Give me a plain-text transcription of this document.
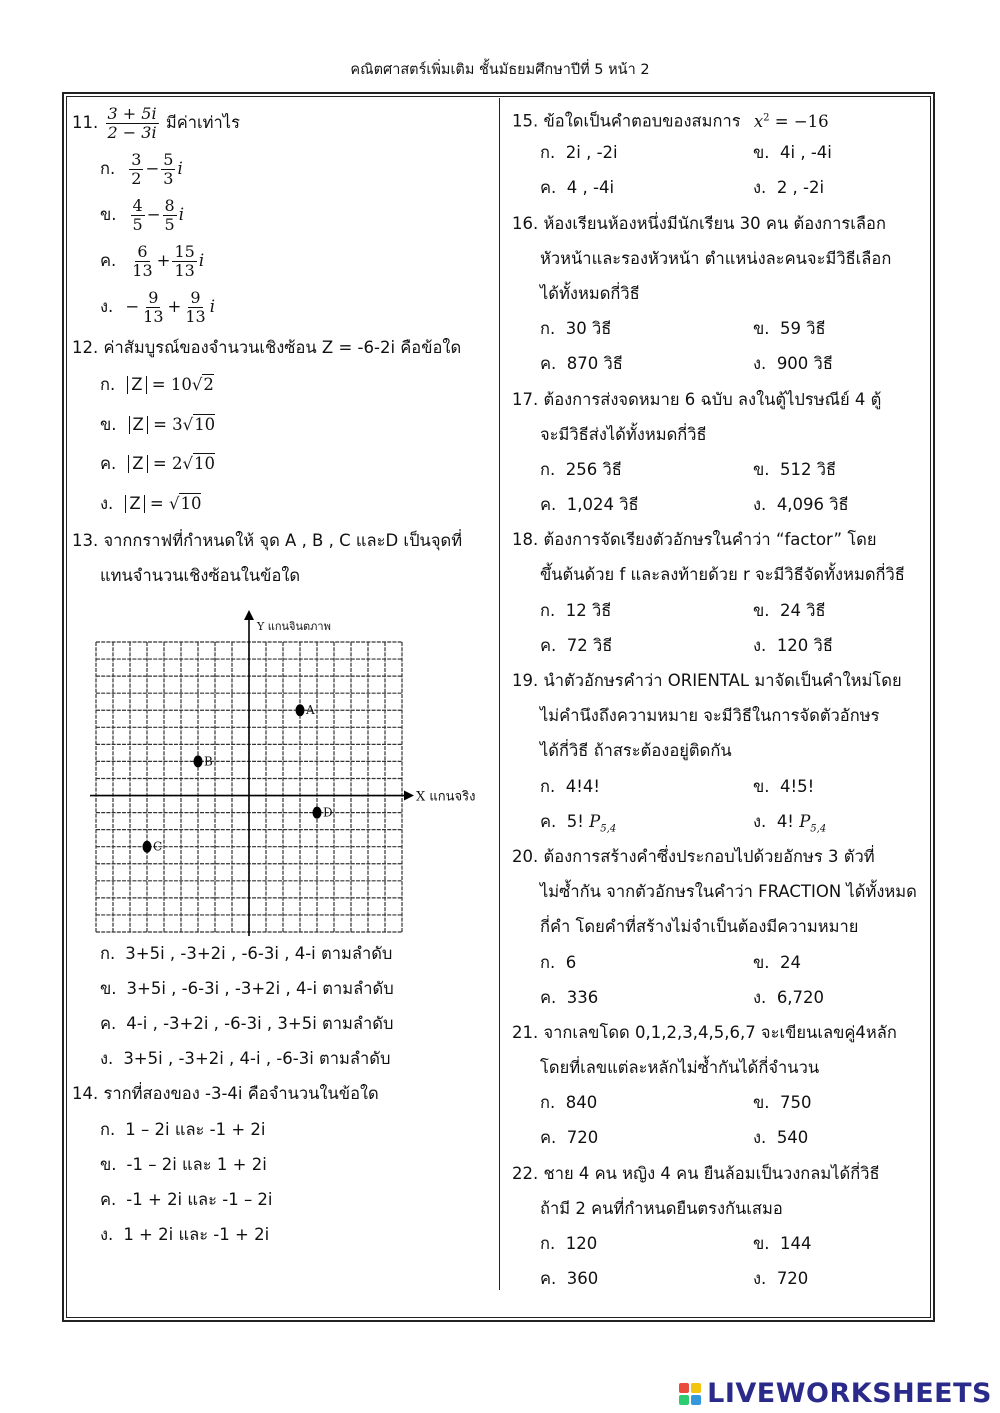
คณิตศาสตร์เพิ่มเติม ชั้นมัธยมศึกษาปีที่ 5 หน้า 2
11. $\frac{3 + 5i}{2 - 3i}$ มีค่าเท่าไร
ก. $\frac{3}{2} - \frac{5}{3}$ i
ข. $\frac{4}{5} - \frac{8}{5}$ i
ค. $\frac{6}{13} + \frac{15}{13}$ i
ง. − $\frac{9}{13} + \frac{9}{13}$ i
12. ค่าสัมบูรณ์ของจำนวนเชิงซ้อน Z = -6-2i คือข้อใด
ก. Z = 10√2
ข. Z = 3√10
ค. Z = 2√10
ง. Z = √10
13. จากกราฟที่กำหนดให้ จุด A , B , C และD เป็นจุดที่
แทนจำนวนเชิงซ้อนในข้อใด
X แกนจริง
Y แกนจินตภาพ
A
B
C
D
ก. 3+5i , -3+2i , -6-3i , 4-i ตามลำดับ
ข. 3+5i , -6-3i , -3+2i , 4-i ตามลำดับ
ค. 4-i , -3+2i , -6-3i , 3+5i ตามลำดับ
ง. 3+5i , -3+2i , 4-i , -6-3i ตามลำดับ
14. รากที่สองของ -3-4i คือจำนวนในข้อใด
ก. 1 – 2i และ -1 + 2i
ข. -1 – 2i และ 1 + 2i
ค. -1 + 2i และ -1 – 2i
ง. 1 + 2i และ -1 + 2i
15. ข้อใดเป็นคำตอบของสมการ $x^2 = -16$
ก. 2i , -2i	ข. 4i , -4i
ค. 4 , -4i	ง. 2 , -2i
16. ห้องเรียนห้องหนึ่งมีนักเรียน 30 คน ต้องการเลือก
หัวหน้าและรองหัวหน้า ตำแหน่งละคนจะมีวิธีเลือก
ได้ทั้งหมดกี่วิธี
ก. 30 วิธี	ข. 59 วิธี
ค. 870 วิธี	ง. 900 วิธี
17. ต้องการส่งจดหมาย 6 ฉบับ ลงในตู้ไปรษณีย์ 4 ตู้
จะมีวิธีส่งได้ทั้งหมดกี่วิธี
ก. 256 วิธี	ข. 512 วิธี
ค. 1,024 วิธี	ง. 4,096 วิธี
18. ต้องการจัดเรียงตัวอักษรในคำว่า “factor” โดย
ขึ้นต้นด้วย f และลงท้ายด้วย r จะมีวิธีจัดทั้งหมดกี่วิธี
ก. 12 วิธี	ข. 24 วิธี
ค. 72 วิธี	ง. 120 วิธี
19. นำตัวอักษรคำว่า ORIENTAL มาจัดเป็นคำใหม่โดย
ไม่คำนึงถึงความหมาย จะมีวิธีในการจัดตัวอักษร
ได้กี่วิธี ถ้าสระต้องอยู่ติดกัน
ก. 4!4!	ข. 4!5!
ค. 5! $P_{5,4}$	ง. 4! $P_{5,4}$
20. ต้องการสร้างคำซึ่งประกอบไปด้วยอักษร 3 ตัวที่
ไม่ซ้ำกัน จากตัวอักษรในคำว่า FRACTION ได้ทั้งหมด
กี่คำ โดยคำที่สร้างไม่จำเป็นต้องมีความหมาย
ก. 6	ข. 24
ค. 336	ง. 6,720
21. จากเลขโดด 0,1,2,3,4,5,6,7 จะเขียนเลขคู่4หลัก
โดยที่เลขแต่ละหลักไม่ซ้ำกันได้กี่จำนวน
ก. 840	ข. 750
ค. 720	ง. 540
22. ชาย 4 คน หญิง 4 คน ยืนล้อมเป็นวงกลมได้กี่วิธี
ถ้ามี 2 คนที่กำหนดยืนตรงกันเสมอ
ก. 120	ข. 144
ค. 360	ง. 720
LIVEWORKSHEETS
